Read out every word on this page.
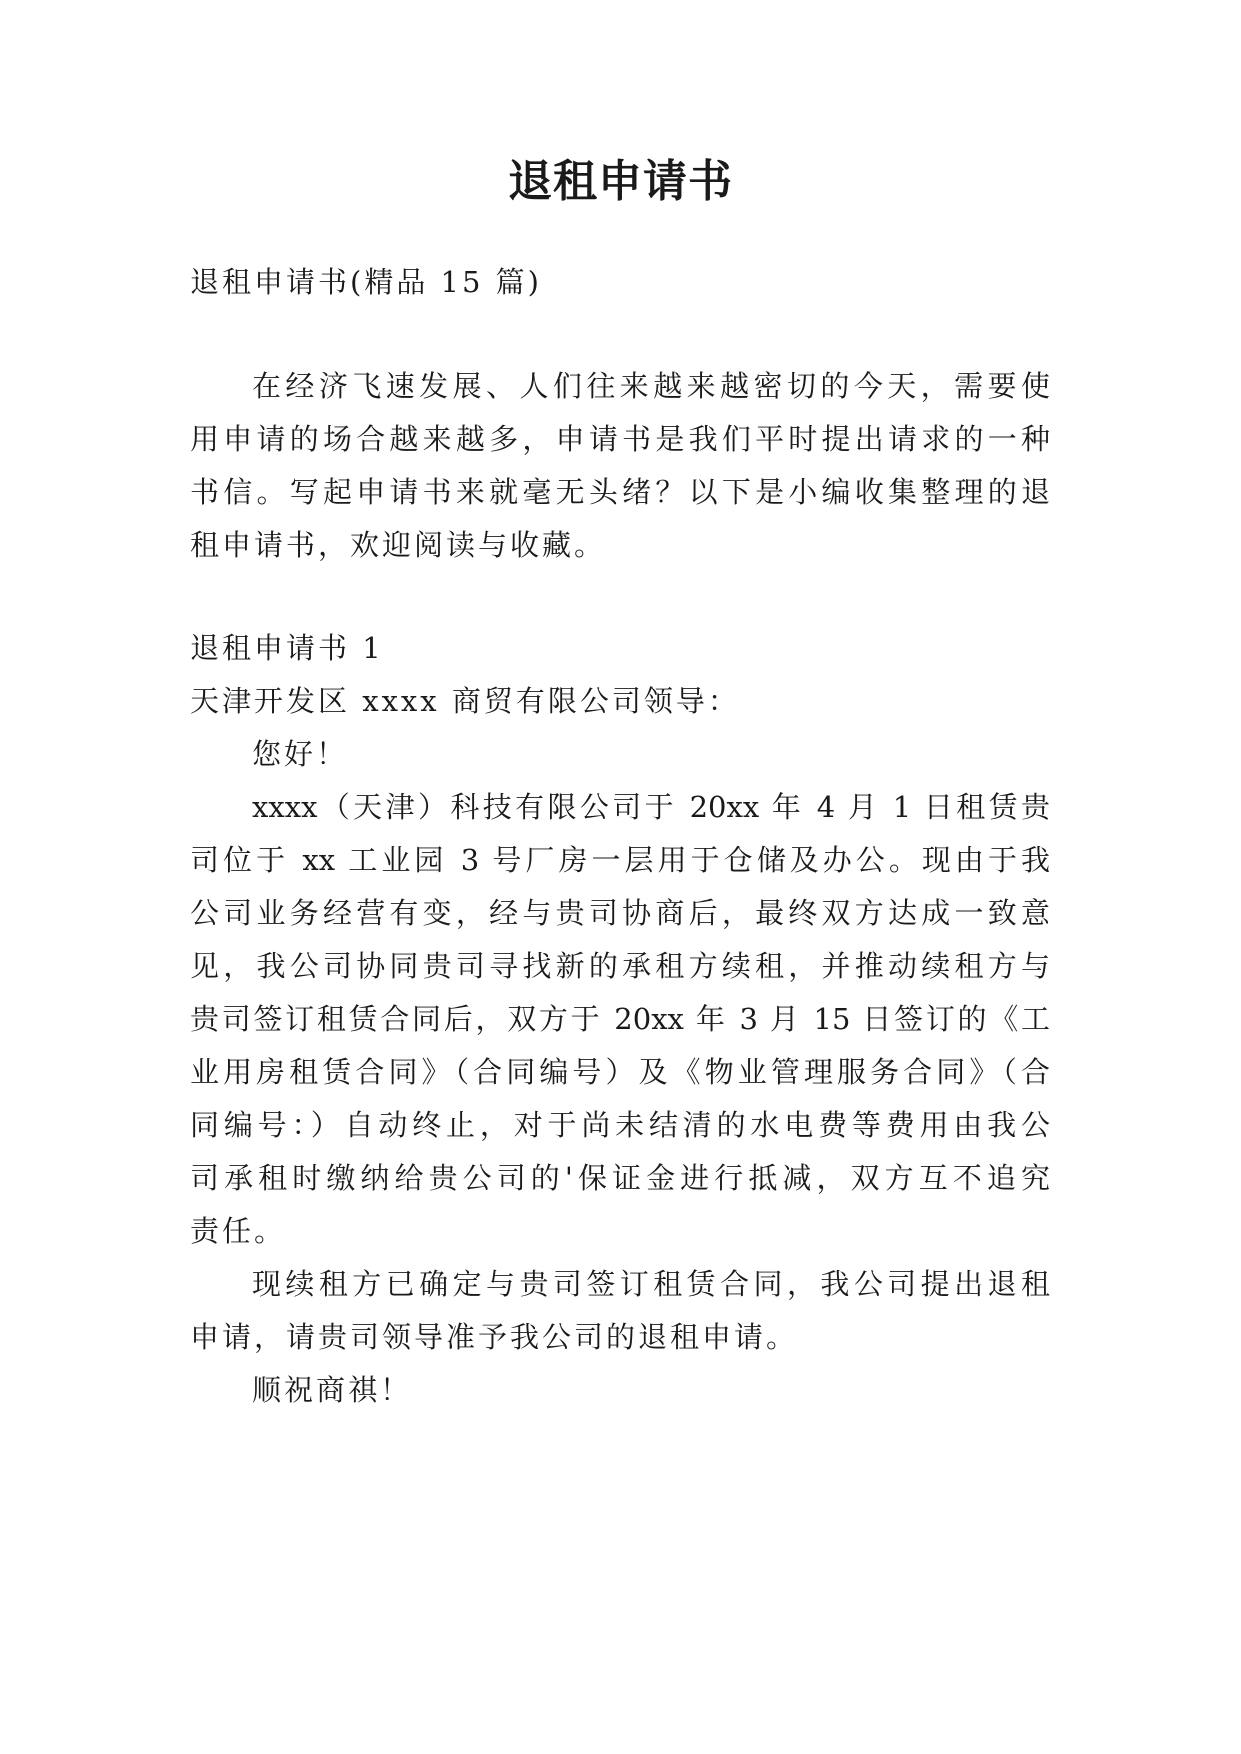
退租申请书
退租申请书(精品 15 篇)
在经济飞速发展、人们往来越来越密切的今天，需要使
用申请的场合越来越多，申请书是我们平时提出请求的一种
书信。写起申请书来就毫无头绪？以下是小编收集整理的退
租申请书，欢迎阅读与收藏。
退租申请书 1
天津开发区 xxxx 商贸有限公司领导：
您好！
xxxx（天津）科技有限公司于 20xx 年 4 月 1 日租赁贵
司位于 xx 工业园 3 号厂房一层用于仓储及办公。现由于我
公司业务经营有变，经与贵司协商后，最终双方达成一致意
见，我公司协同贵司寻找新的承租方续租，并推动续租方与
贵司签订租赁合同后，双方于 20xx 年 3 月 15 日签订的《工
业用房租赁合同》（合同编号）及《物业管理服务合同》（合
同编号：）自动终止，对于尚未结清的水电费等费用由我公
司承租时缴纳给贵公司的'保证金进行抵减，双方互不追究
责任。
现续租方已确定与贵司签订租赁合同，我公司提出退租
申请，请贵司领导准予我公司的退租申请。
顺祝商祺！
